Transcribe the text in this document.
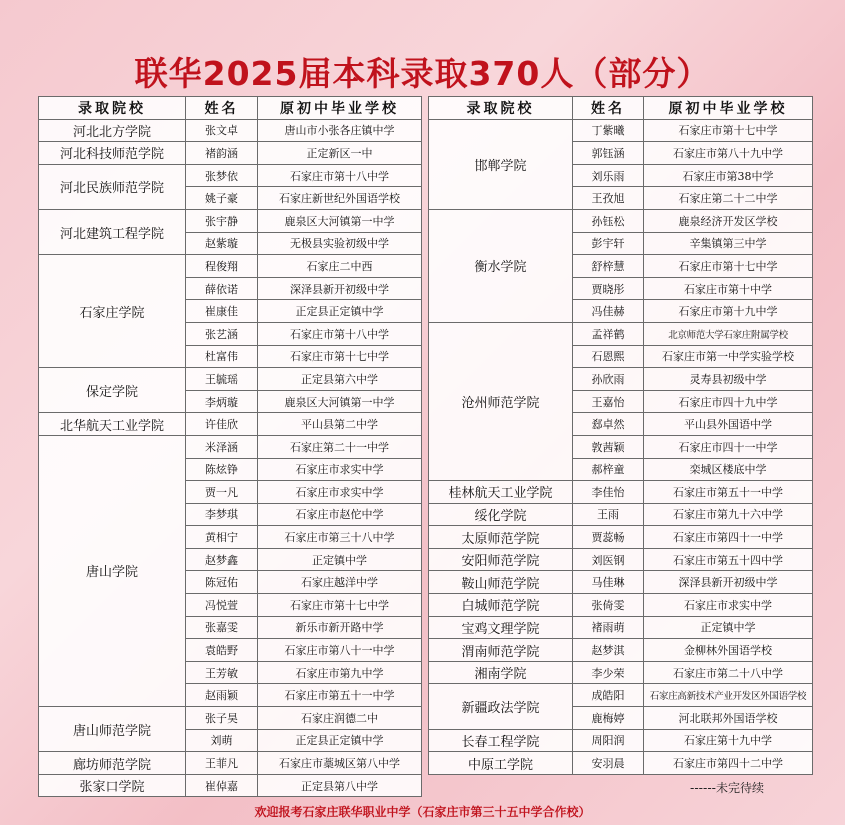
联华2025届本科录取370人（部分）
录取院校	姓名	原初中毕业学校
河北北方学院	张文卓	唐山市小张各庄镇中学
河北科技师范学院	褚韵涵	正定新区一中
河北民族师范学院	张梦依	石家庄市第十八中学
	姚子豪	石家庄新世纪外国语学校
河北建筑工程学院	张宇静	鹿泉区大河镇第一中学
	赵紫璇	无极县实验初级中学
石家庄学院	程俊翔	石家庄二中西
	薛依诺	深泽县新开初级中学
	崔康佳	正定县正定镇中学
	张艺涵	石家庄市第十八中学
	杜富伟	石家庄市第十七中学
保定学院	王毓瑶	正定县第六中学
	李炳璇	鹿泉区大河镇第一中学
北华航天工业学院	许佳欣	平山县第二中学
唐山学院	米泽涵	石家庄第二十一中学
	陈炫铮	石家庄市求实中学
	贾一凡	石家庄市求实中学
	李梦琪	石家庄市赵佗中学
	黄相宁	石家庄市第三十八中学
	赵梦鑫	正定镇中学
	陈冠佑	石家庄越洋中学
	冯悦萱	石家庄市第十七中学
	张嘉雯	新乐市新开路中学
	袁皓野	石家庄市第八十一中学
	王芳敏	石家庄市第九中学
	赵雨颖	石家庄市第五十一中学
唐山师范学院	张子昊	石家庄润德二中
	刘萌	正定县正定镇中学
廊坊师范学院	王菲凡	石家庄市藁城区第八中学
张家口学院	崔倬嘉	正定县第八中学
录取院校	姓名	原初中毕业学校
邯郸学院	丁紫曦	石家庄市第十七中学
	郭钰涵	石家庄市第八十九中学
	刘乐雨	石家庄市第38中学
	王孜旭	石家庄第二十二中学
衡水学院	孙钰松	鹿泉经济开发区学校
	彭宇轩	辛集镇第三中学
	舒梓慧	石家庄市第十七中学
	贾晓彤	石家庄市第十中学
	冯佳赫	石家庄市第十九中学
沧州师范学院	孟祥鹤	北京师范大学石家庄附属学校
	石恩熙	石家庄市第一中学实验学校
	孙欣雨	灵寿县初级中学
	王嘉怡	石家庄市四十九中学
	郄卓然	平山县外国语中学
	敦茜颖	石家庄市四十一中学
	郝梓童	栾城区楼底中学
桂林航天工业学院	李佳怡	石家庄市第五十一中学
绥化学院	王雨	石家庄市第九十六中学
太原师范学院	贾蕊畅	石家庄市第四十一中学
安阳师范学院	刘医钢	石家庄市第五十四中学
鞍山师范学院	马佳琳	深泽县新开初级中学
白城师范学院	张倚雯	石家庄市求实中学
宝鸡文理学院	褚雨萌	正定镇中学
渭南师范学院	赵梦淇	金柳林外国语学校
湘南学院	李少荣	石家庄市第二十八中学
新疆政法学院	成皓阳	石家庄高新技术产业开发区外国语学校
	鹿梅婷	河北联邦外国语学校
长春工程学院	周阳润	石家庄第十九中学
中原工学院	安羽晨	石家庄市第四十二中学
------未完待续
欢迎报考石家庄联华职业中学（石家庄市第三十五中学合作校）
